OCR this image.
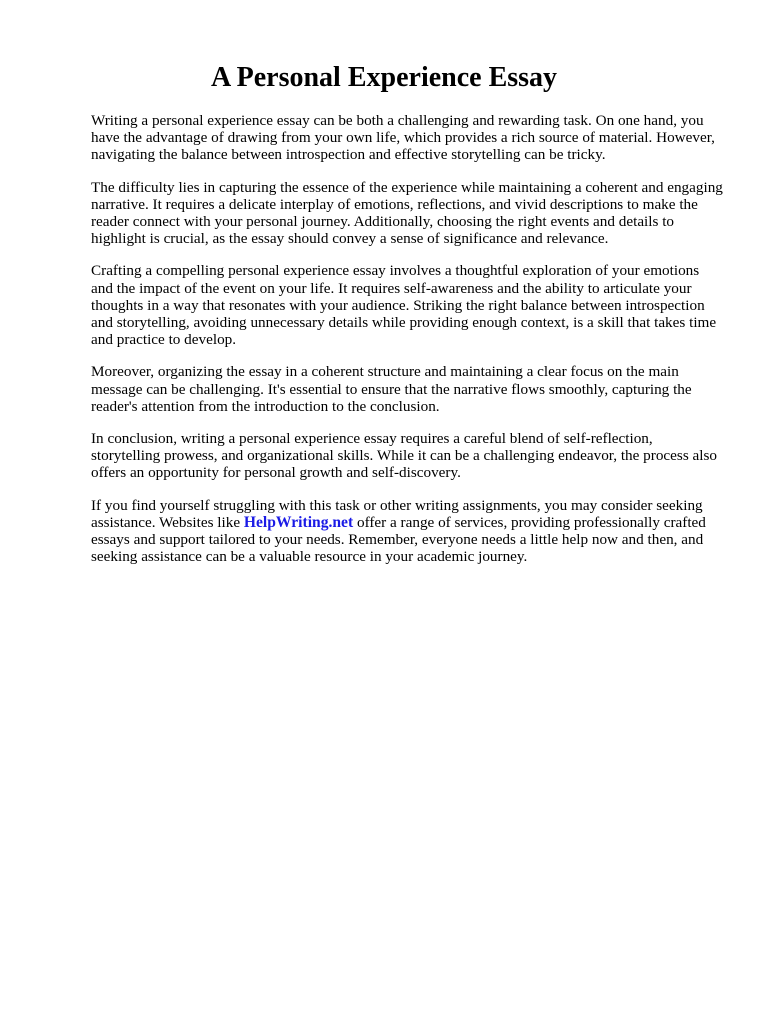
A Personal Experience Essay

Writing a personal experience essay can be both a challenging and rewarding task. On one hand, you have the advantage of drawing from your own life, which provides a rich source of material. However, navigating the balance between introspection and effective storytelling can be tricky.

The difficulty lies in capturing the essence of the experience while maintaining a coherent and engaging narrative. It requires a delicate interplay of emotions, reflections, and vivid descriptions to make the reader connect with your personal journey. Additionally, choosing the right events and details to highlight is crucial, as the essay should convey a sense of significance and relevance.

Crafting a compelling personal experience essay involves a thoughtful exploration of your emotions and the impact of the event on your life. It requires self-awareness and the ability to articulate your thoughts in a way that resonates with your audience. Striking the right balance between introspection and storytelling, avoiding unnecessary details while providing enough context, is a skill that takes time and practice to develop.

Moreover, organizing the essay in a coherent structure and maintaining a clear focus on the main message can be challenging. It's essential to ensure that the narrative flows smoothly, capturing the reader's attention from the introduction to the conclusion.

In conclusion, writing a personal experience essay requires a careful blend of self-reflection, storytelling prowess, and organizational skills. While it can be a challenging endeavor, the process also offers an opportunity for personal growth and self-discovery.

If you find yourself struggling with this task or other writing assignments, you may consider seeking assistance. Websites like HelpWriting.net offer a range of services, providing professionally crafted essays and support tailored to your needs. Remember, everyone needs a little help now and then, and seeking assistance can be a valuable resource in your academic journey.
